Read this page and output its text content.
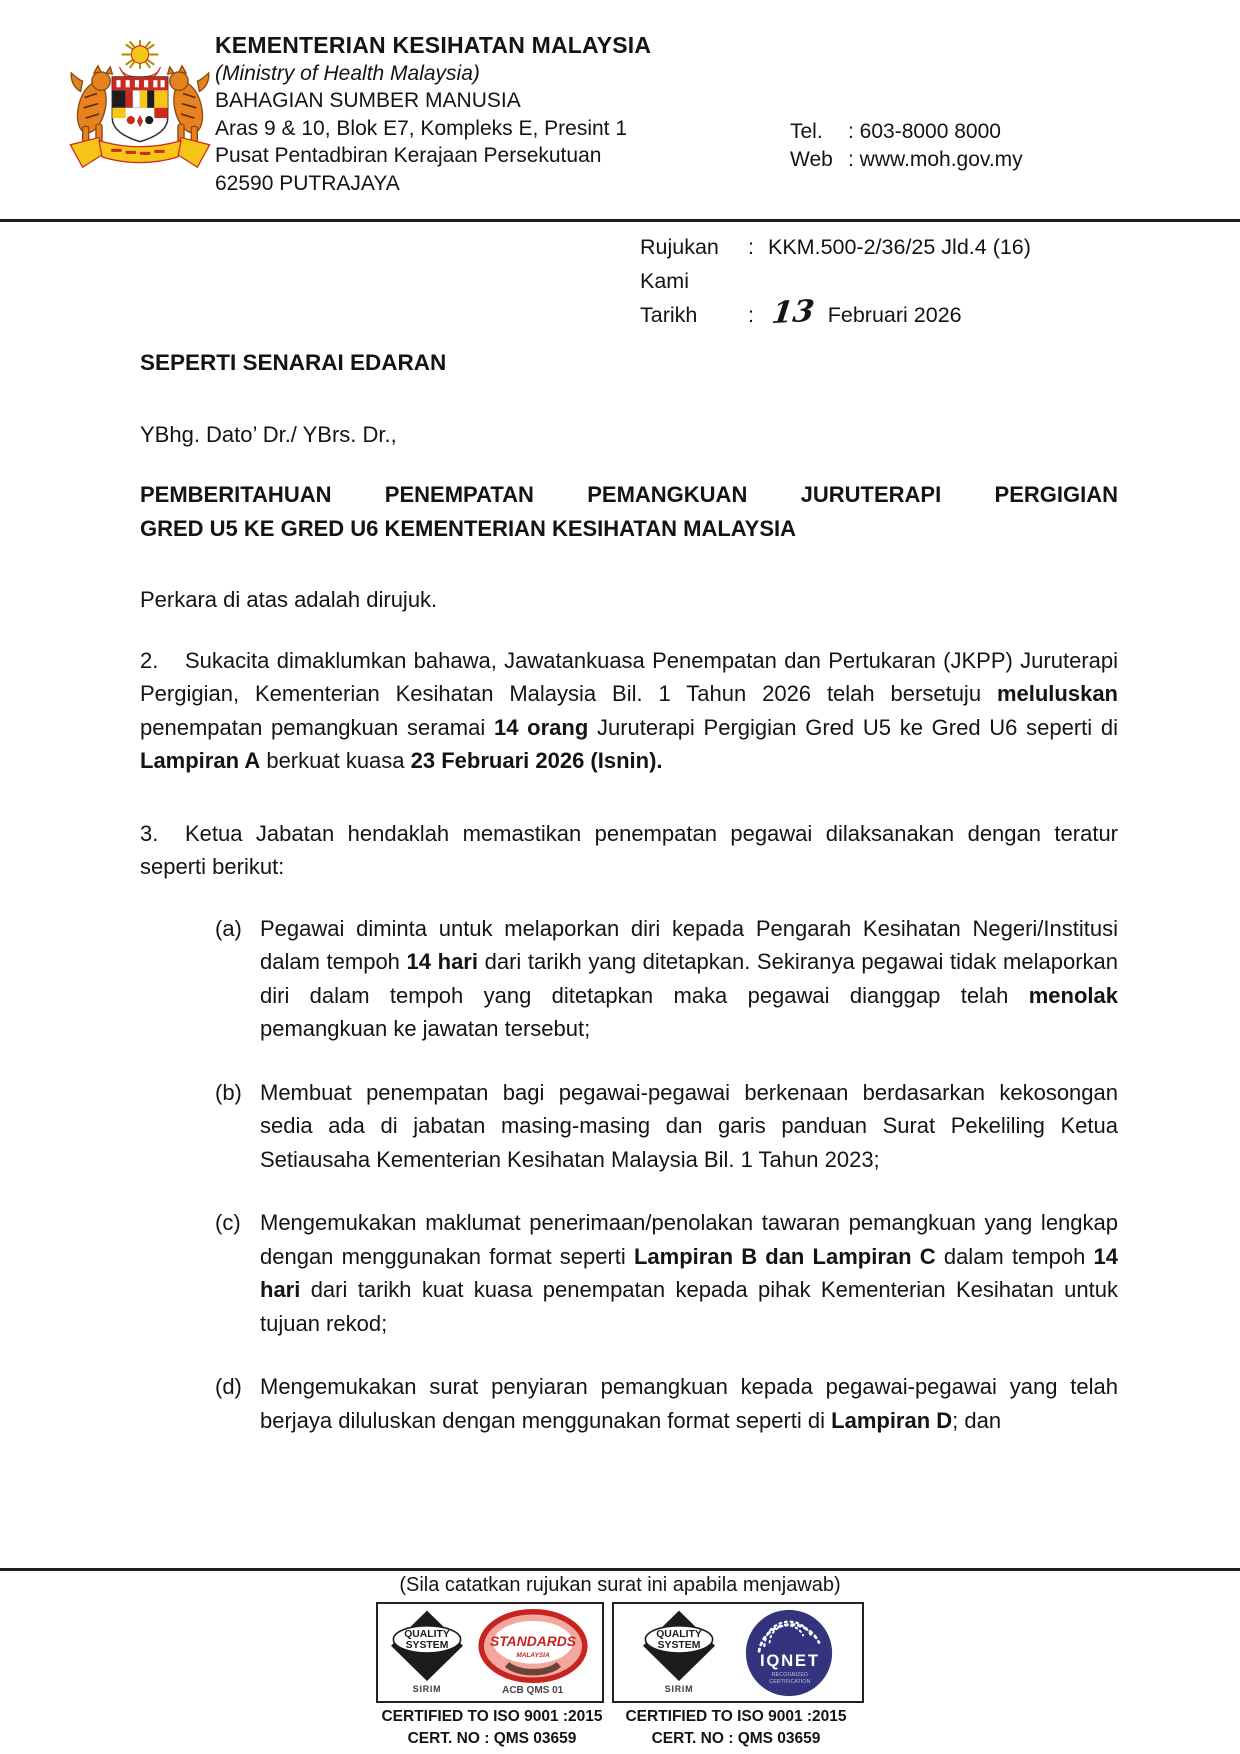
KEMENTERIAN KESIHATAN MALAYSIA
(Ministry of Health Malaysia)
BAHAGIAN SUMBER MANUSIA
Aras 9 & 10, Blok E7, Kompleks E, Presint 1
Pusat Pentadbiran Kerajaan Persekutuan
62590 PUTRAJAYA
Tel.	: 603-8000 8000
Web : www.moh.gov.my
Rujukan Kami
: KKM.500-2/36/25 Jld.4 (16)
Tarikh	: 13 Februari 2026
SEPERTI SENARAI EDARAN
YBhg. Dato’ Dr./ YBrs. Dr.,
PEMBERITAHUAN PENEMPATAN PEMANGKUAN JURUTERAPI PERGIGIAN
GRED U5 KE GRED U6 KEMENTERIAN KESIHATAN MALAYSIA
Perkara di atas adalah dirujuk.
2. Sukacita dimaklumkan bahawa, Jawatankuasa Penempatan dan Pertukaran (JKPP) Juruterapi Pergigian, Kementerian Kesihatan Malaysia Bil. 1 Tahun 2026 telah bersetuju meluluskan penempatan pemangkuan seramai 14 orang Juruterapi Pergigian Gred U5 ke Gred U6 seperti di Lampiran A berkuat kuasa 23 Februari 2026 (Isnin).
3. Ketua Jabatan hendaklah memastikan penempatan pegawai dilaksanakan dengan teratur seperti berikut:
(a) Pegawai diminta untuk melaporkan diri kepada Pengarah Kesihatan Negeri/Institusi dalam tempoh 14 hari dari tarikh yang ditetapkan. Sekiranya pegawai tidak melaporkan diri dalam tempoh yang ditetapkan maka pegawai dianggap telah menolak pemangkuan ke jawatan tersebut;
(b) Membuat penempatan bagi pegawai-pegawai berkenaan berdasarkan kekosongan sedia ada di jabatan masing-masing dan garis panduan Surat Pekeliling Ketua Setiausaha Kementerian Kesihatan Malaysia Bil. 1 Tahun 2023;
(c) Mengemukakan maklumat penerimaan/penolakan tawaran pemangkuan yang lengkap dengan menggunakan format seperti Lampiran B dan Lampiran C dalam tempoh 14 hari dari tarikh kuat kuasa penempatan kepada pihak Kementerian Kesihatan untuk tujuan rekod;
(d) Mengemukakan surat penyiaran pemangkuan kepada pegawai-pegawai yang telah berjaya diluluskan dengan menggunakan format seperti di Lampiran D; dan
(Sila catatkan rujukan surat ini apabila menjawab)
QUALITY
SYSTEM
SIRIM
STANDARDS
MALAYSIA
ACB QMS 01
QUALITY
SYSTEM
SIRIM
IQNET
RECOGNIZED
CERTIFICATION
CERTIFIED TO ISO 9001 :2015
CERT. NO : QMS 03659
CERTIFIED TO ISO 9001 :2015
CERT. NO : QMS 03659
